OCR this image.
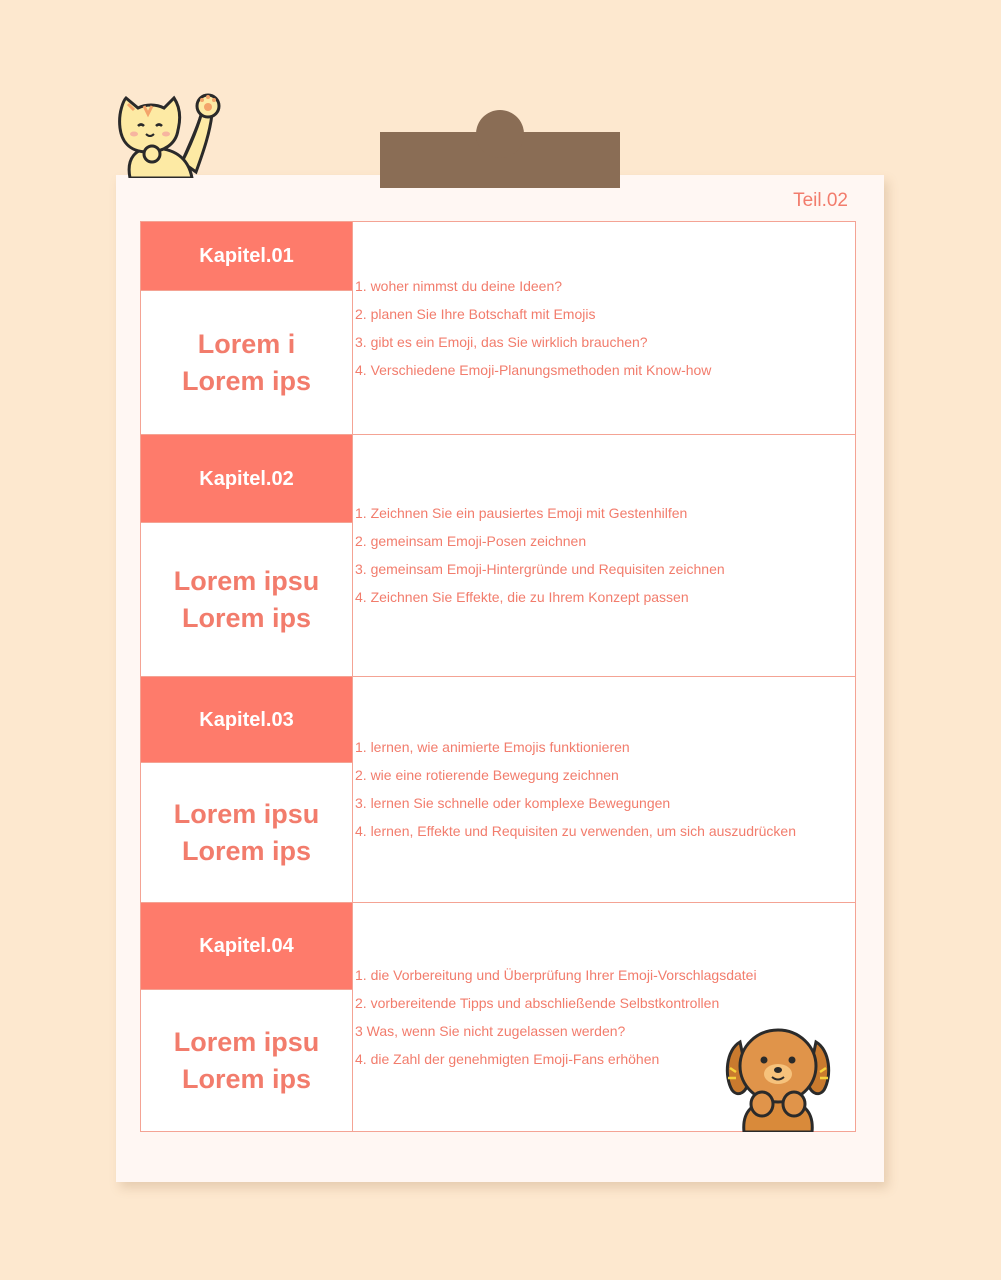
Teil.02
Kapitel.01
Lorem i
Lorem ips
1. woher nimmst du deine Ideen?
2. planen Sie Ihre Botschaft mit Emojis
3. gibt es ein Emoji, das Sie wirklich brauchen?
4. Verschiedene Emoji-Planungsmethoden mit Know-how
Kapitel.02
Lorem ipsu
Lorem ips
1. Zeichnen Sie ein pausiertes Emoji mit Gestenhilfen
2. gemeinsam Emoji-Posen zeichnen
3. gemeinsam Emoji-Hintergründe und Requisiten zeichnen
4. Zeichnen Sie Effekte, die zu Ihrem Konzept passen
Kapitel.03
Lorem ipsu
Lorem ips
1. lernen, wie animierte Emojis funktionieren
2. wie eine rotierende Bewegung zeichnen
3. lernen Sie schnelle oder komplexe Bewegungen
4. lernen, Effekte und Requisiten zu verwenden, um sich auszudrücken
Kapitel.04
Lorem ipsu
Lorem ips
1. die Vorbereitung und Überprüfung Ihrer Emoji-Vorschlagsdatei
2. vorbereitende Tipps und abschließende Selbstkontrollen
3 Was, wenn Sie nicht zugelassen werden?
4. die Zahl der genehmigten Emoji-Fans erhöhen
